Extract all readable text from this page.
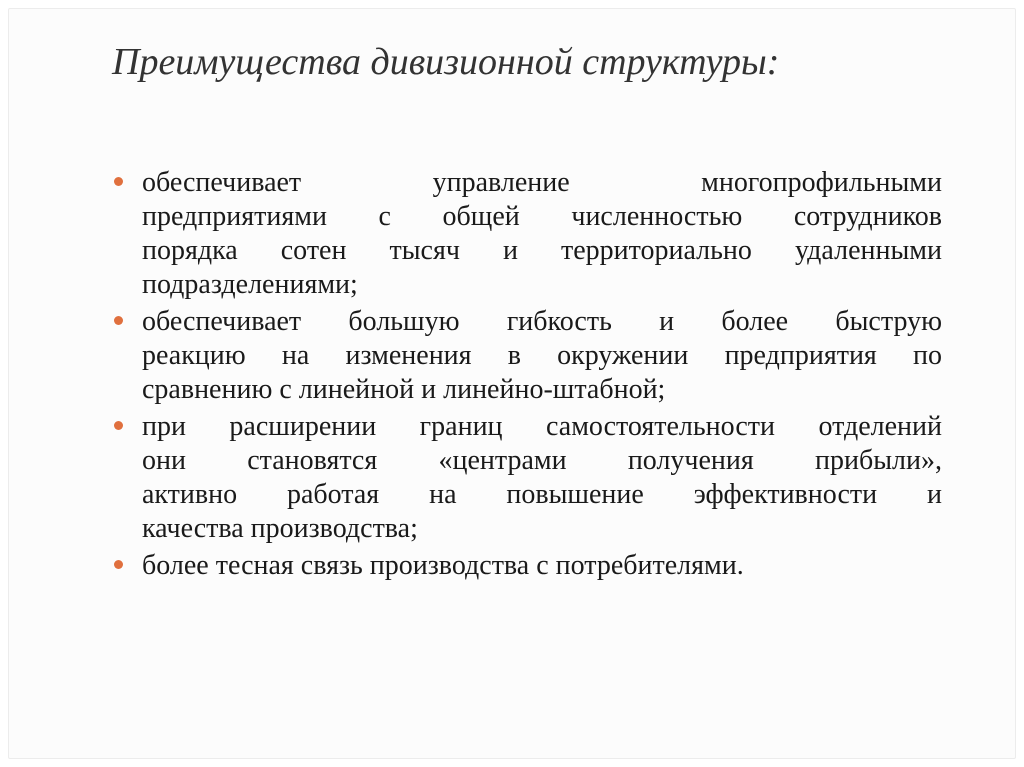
Преимущества дивизионной структуры:
обеспечивает управление многопрофильными
предприятиями с общей численностью сотрудников
порядка сотен тысяч и территориально удаленными
подразделениями;
обеспечивает большую гибкость и более быструю
реакцию на изменения в окружении предприятия по
сравнению с линейной и линейно-штабной;
при расширении границ самостоятельности отделений
они становятся «центрами получения прибыли»,
активно работая на повышение эффективности и
качества производства;
более тесная связь производства с потребителями.
